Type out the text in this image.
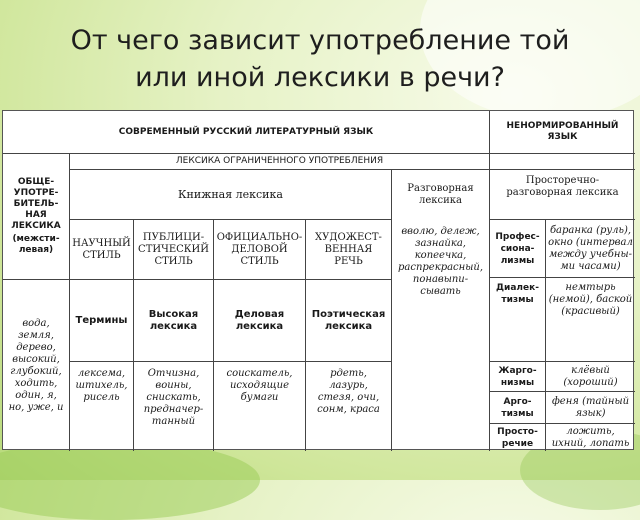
От чего зависит употребление той
или иной лексики в речи?
СОВРЕМЕННЫЙ РУССКИЙ ЛИТЕРАТУРНЫЙ ЯЗЫК
НЕНОРМИРОВАННЫЙ ЯЗЫК
ОБЩЕ-УПОТРЕ-БИТЕЛЬ-НАЯ ЛЕКСИКА
(межсти-левая)
ЛЕКСИКА ОГРАНИЧЕННОГО УПОТРЕБЛЕНИЯ
Книжная лексика	Разговорная лексика
Просторечно-разговорная лексика
НАУЧНЫЙ СТИЛЬ
ПУБЛИЦИ-СТИЧЕСКИЙ СТИЛЬ
ОФИЦИАЛЬНО-ДЕЛОВОЙ СТИЛЬ
ХУДОЖЕСТ-ВЕННАЯ РЕЧЬ
Термины
Высокая лексика
Деловая лексика
Поэтическая лексика
вода, земля, дерево, высокий, глубокий, ходить, один, я, но, уже, и
лексема, штихель, рисель
Отчизна, воины, снискать, предначер-танный
соискатель, исходящие бумаги
рдеть, лазурь, стезя, очи, сонм, краса
вволю, дележ, зазнайка, копеечка, распрекрасный, понавыпи-сывать
Профес-сиона-лизмы
баранка (руль), окно (интервал между учебны-ми часами)
Диалек-тизмы
немтырь (немой), баской (красивый)
Жарго-низмы
клёвый (хороший)
Арго-тизмы
феня (тайный язык)
Просто-речие
ложить, ихний, лопать
